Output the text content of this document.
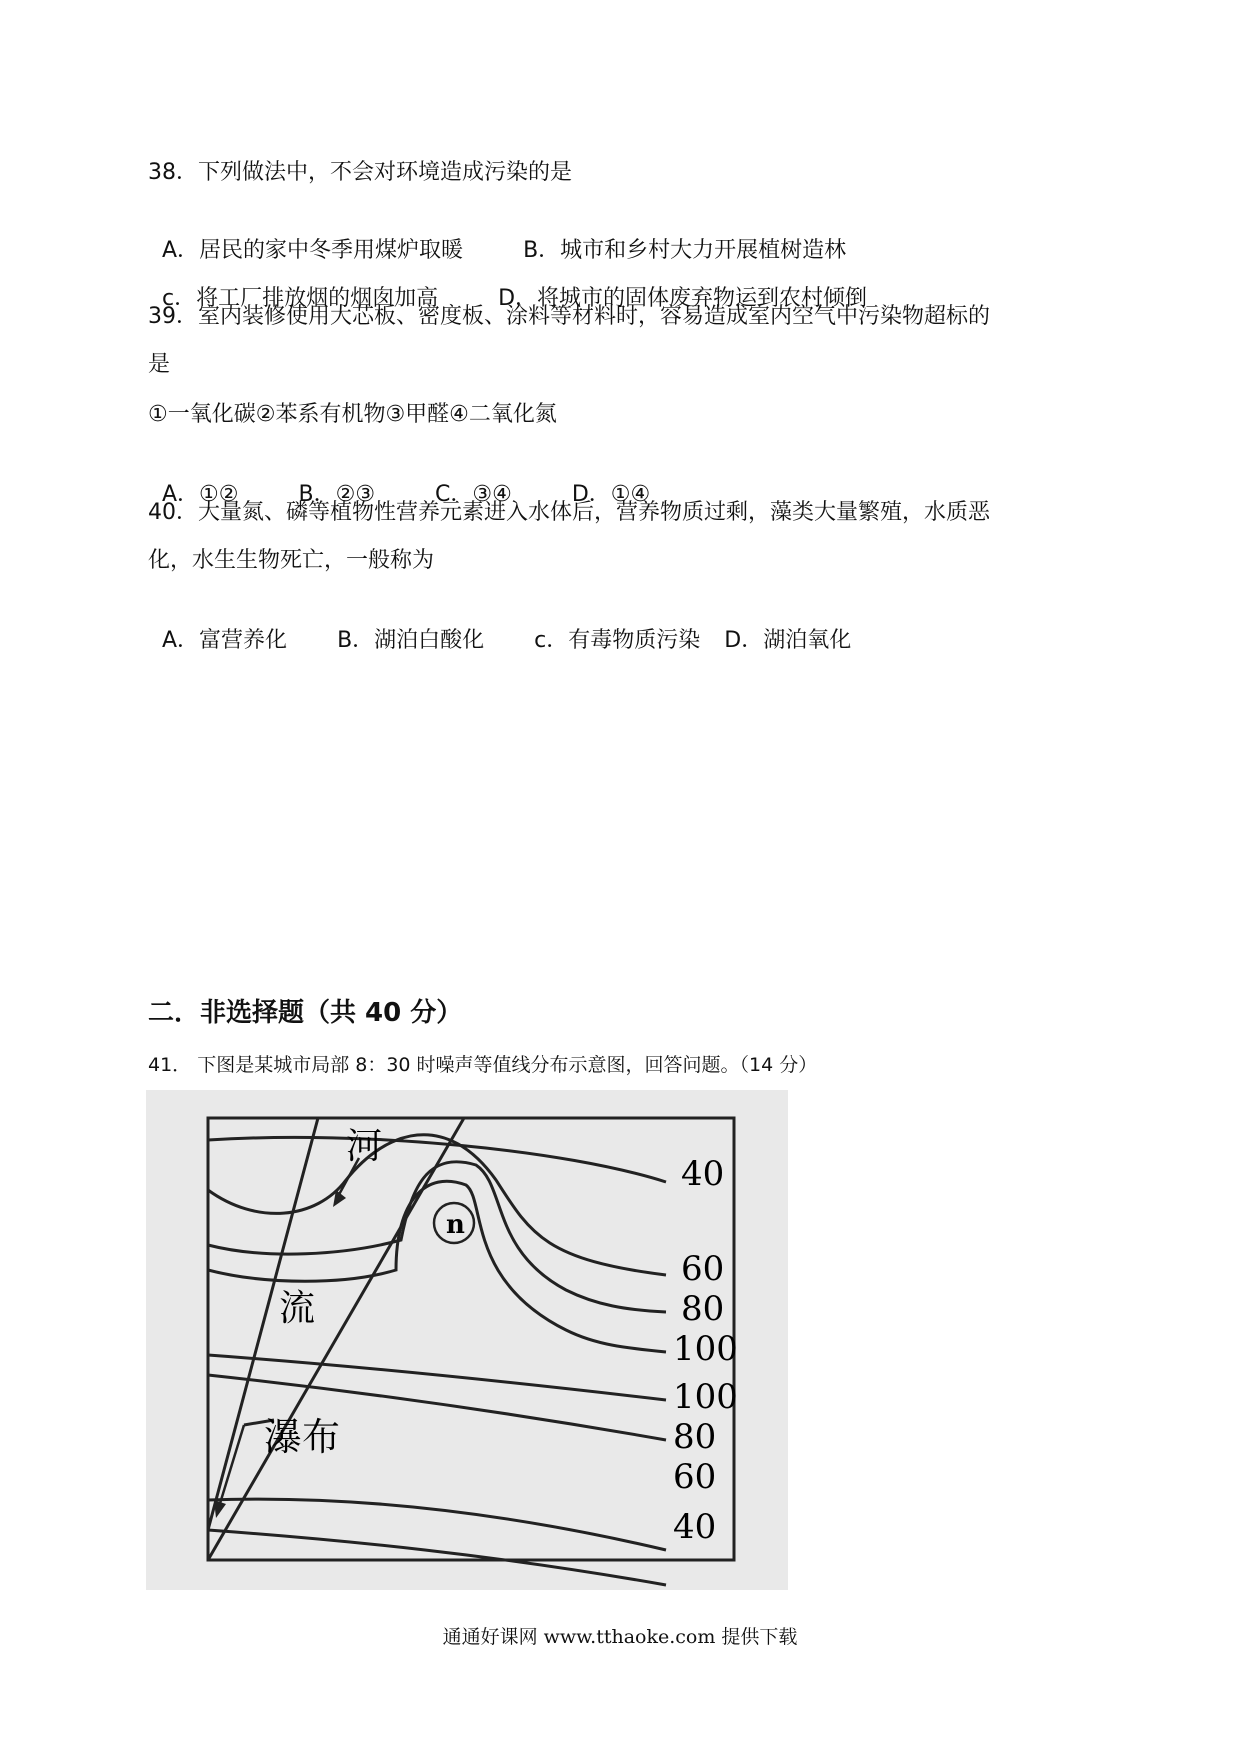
38．下列做法中，不会对环境造成污染的是

A．居民的家中冬季用煤炉取暖	B．城市和乡村大力开展植树造林

c．将工厂排放烟的烟囱加高	D．将城市的固体废弃物运到农村倾倒

39．室内装修使用大芯板、密度板、涂料等材料时，容易造成室内空气中污染物超标的
是
①一氧化碳②苯系有机物③甲醛④二氧化氮

A．①②	B．②③	C．③④	D．①④

40．大量氮、磷等植物性营养元素进入水体后，营养物质过剩，藻类大量繁殖，水质恶
化，水生生物死亡，一般称为

A．富营养化 B．湖泊白酸化 c．有毒物质污染 D．湖泊氧化

二．非选择题（共 40 分）
41． 下图是某城市局部 8：30 时噪声等值线分布示意图，回答问题。（14 分）
河
流
瀑布
n
40
60
80
100
100
80
60
40
通通好课网 www.tthaoke.com 提供下载
